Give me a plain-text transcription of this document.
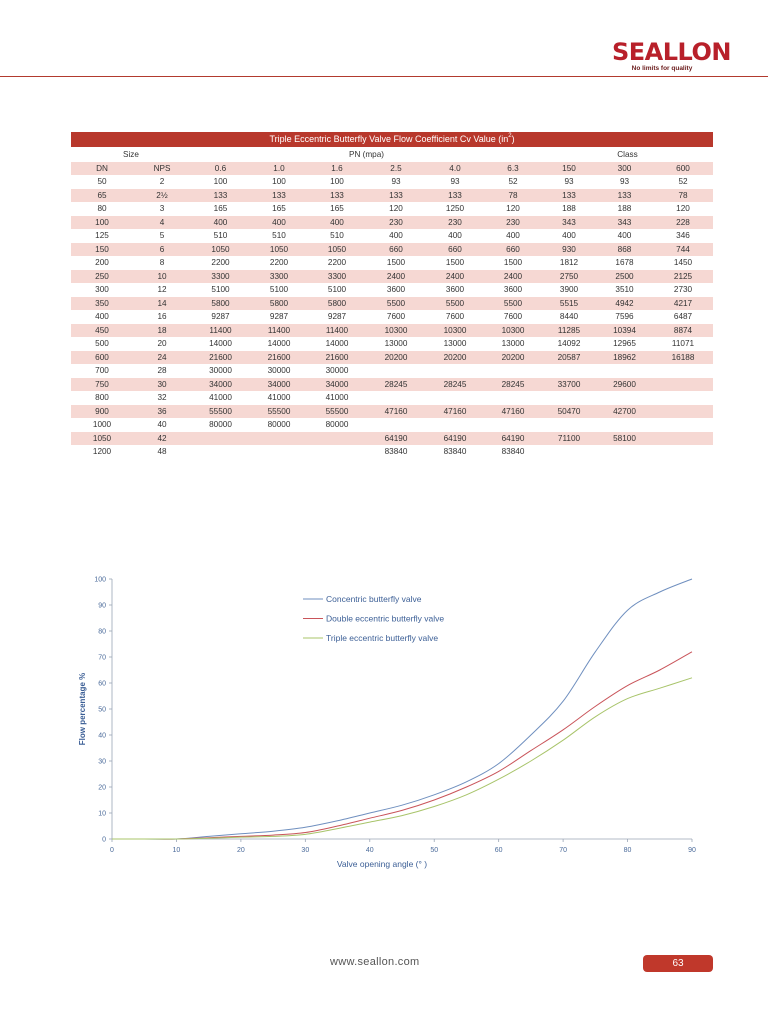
SEALLON
No limits for quality
Triple Eccentric Butterfly Valve Flow Coefficient Cv Value $(in^2)$										
Size		PN (mpa)						Class		
DN	NPS	0.6	1.0	1.6	2.5	4.0	6.3	150	300	600
50	2	100	100	100	93	93	52	93	93	52
65	2½	133	133	133	133	133	78	133	133	78
80	3	165	165	165	120	1250	120	188	188	120
100	4	400	400	400	230	230	230	343	343	228
125	5	510	510	510	400	400	400	400	400	346
150	6	1050	1050	1050	660	660	660	930	868	744
200	8	2200	2200	2200	1500	1500	1500	1812	1678	1450
250	10	3300	3300	3300	2400	2400	2400	2750	2500	2125
300	12	5100	5100	5100	3600	3600	3600	3900	3510	2730
350	14	5800	5800	5800	5500	5500	5500	5515	4942	4217
400	16	9287	9287	9287	7600	7600	7600	8440	7596	6487
450	18	11400	11400	11400	10300	10300	10300	11285	10394	8874
500	20	14000	14000	14000	13000	13000	13000	14092	12965	11071
600	24	21600	21600	21600	20200	20200	20200	20587	18962	16188
700	28	30000	30000	30000						
750	30	34000	34000	34000	28245	28245	28245	33700	29600	
800	32	41000	41000	41000						
900	36	55500	55500	55500	47160	47160	47160	50470	42700	
1000	40	80000	80000	80000						
1050	42				64190	64190	64190	71100	58100	
1200	48				83840	83840	83840			
0
10
20
30
40
50
60
70
80
90
100
0	10	20	30	40	50	60	70	80	90
Valve opening angle (° )
Flow percentage %
Concentric butterfly valve
Double eccentric butterfly valve
Triple eccentric butterfly valve
www.seallon.com	63
